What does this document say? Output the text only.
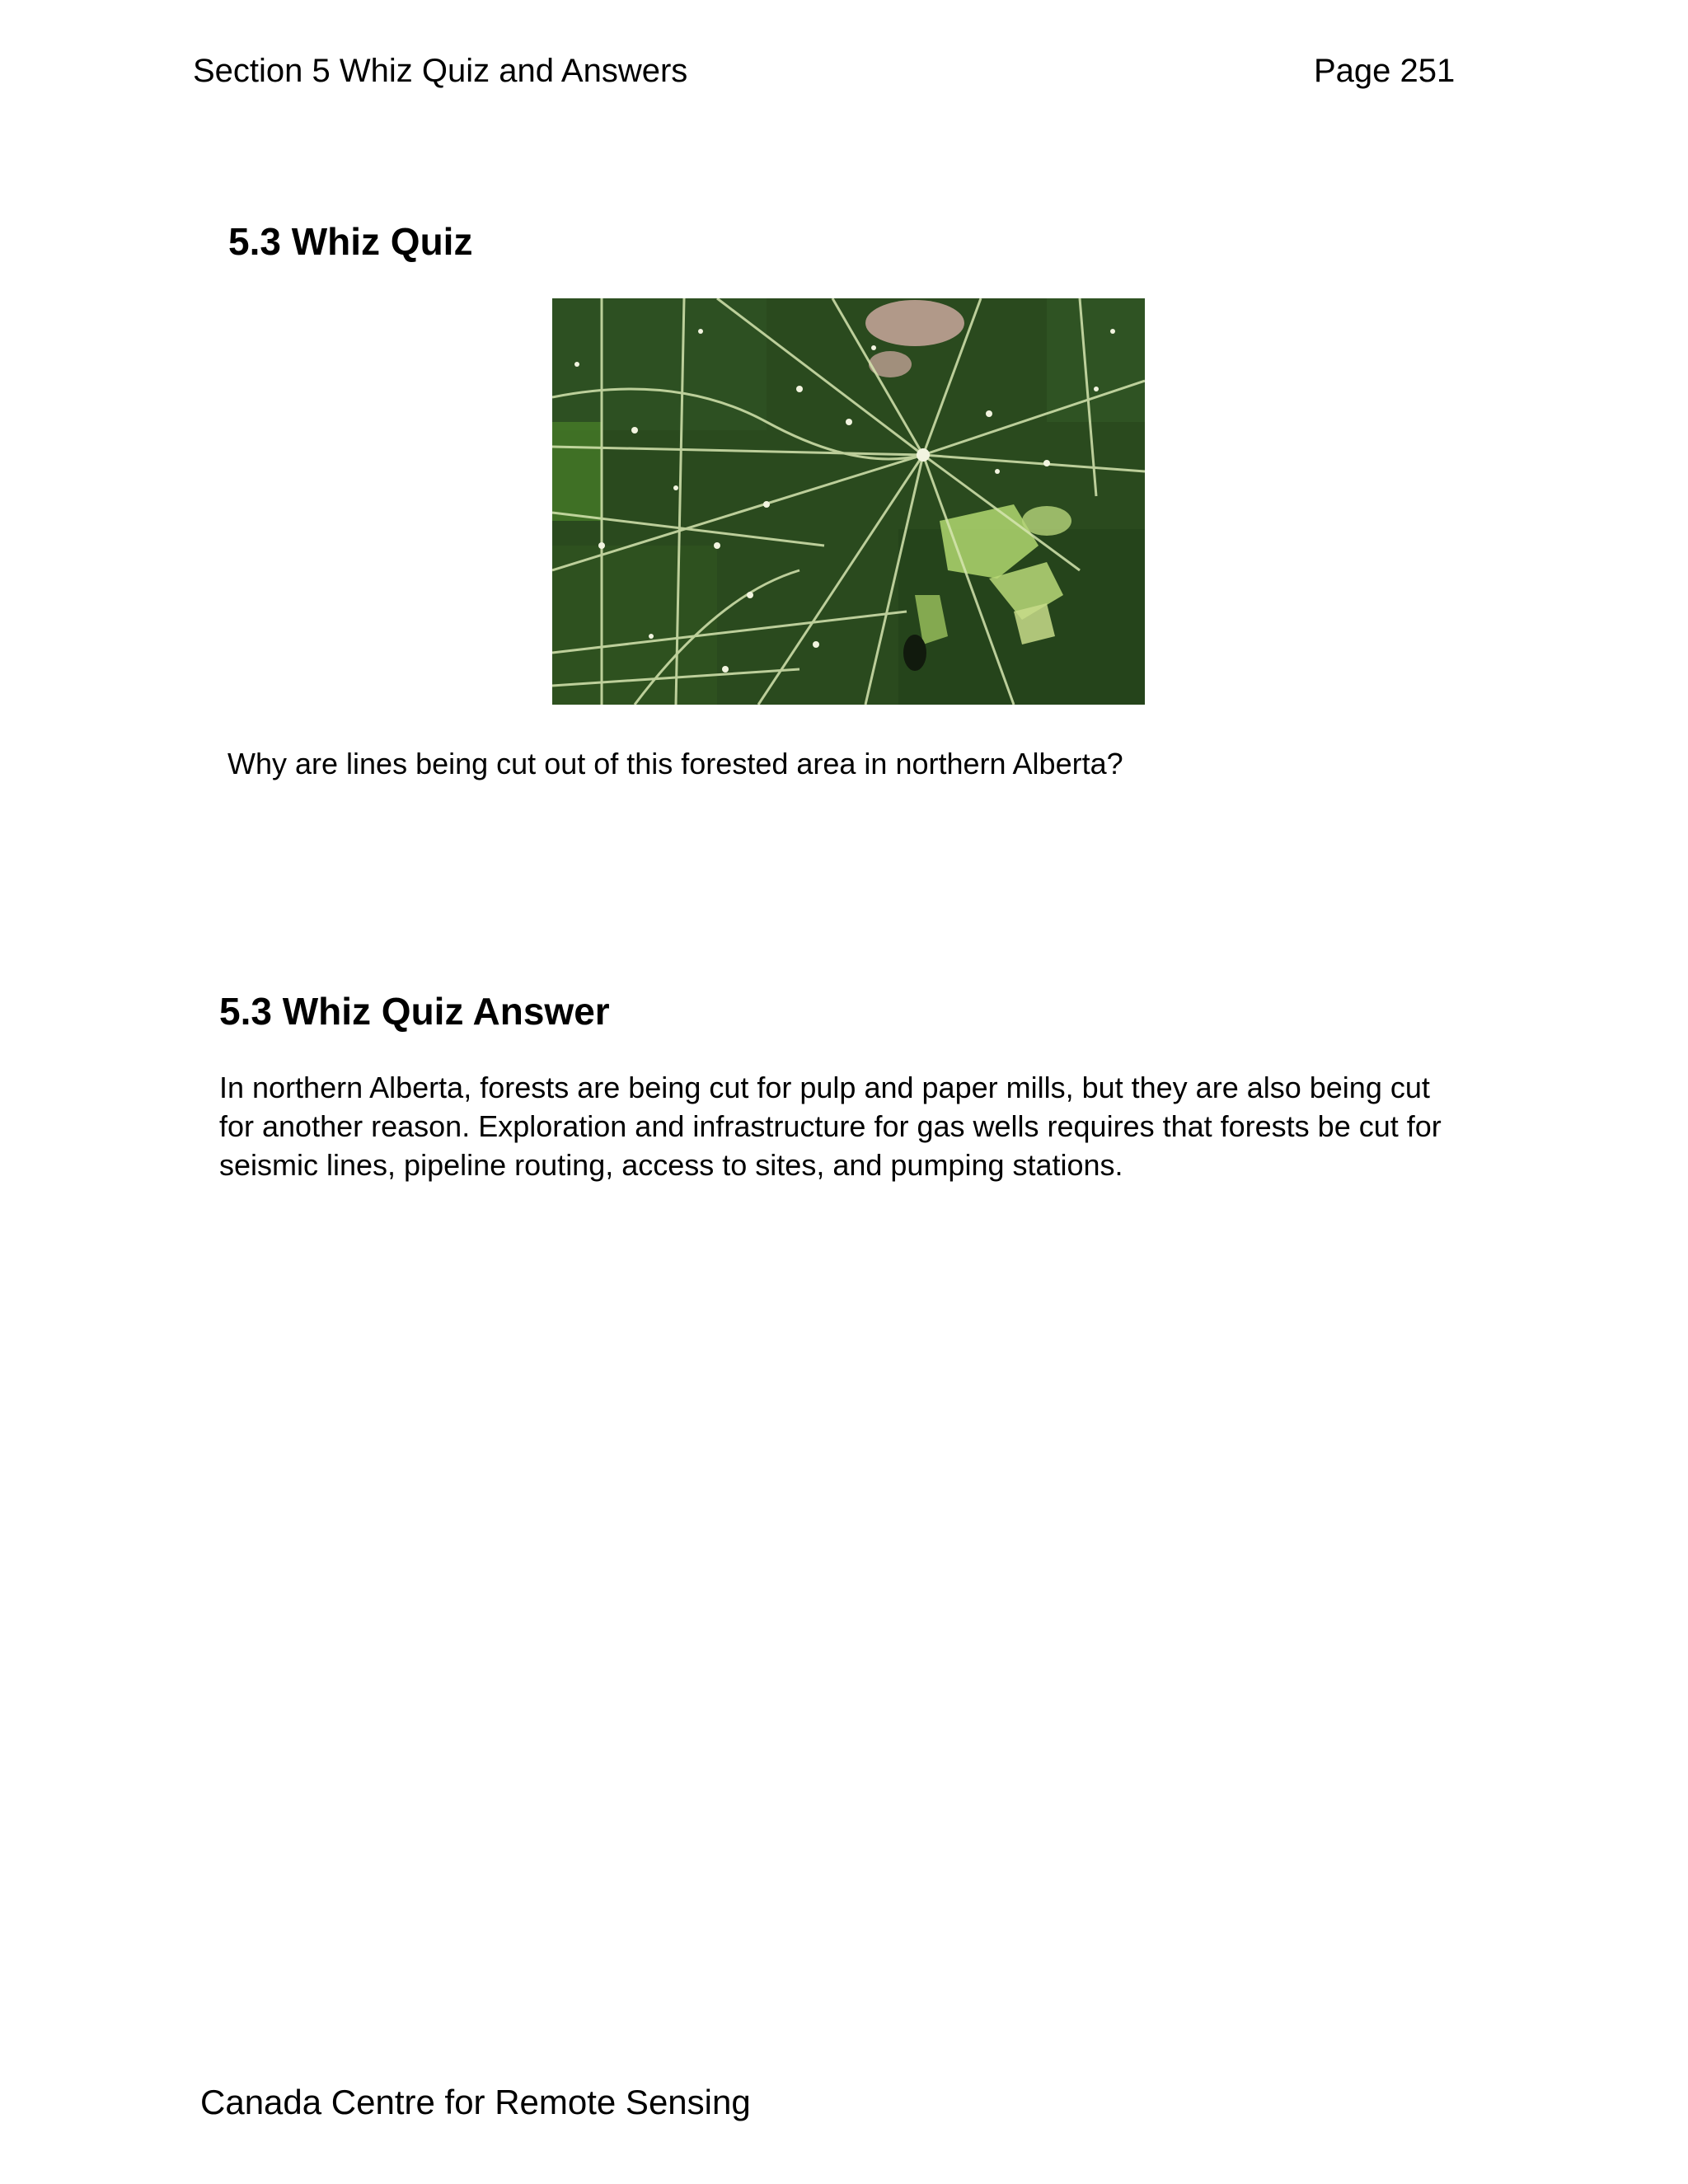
Section 5 Whiz Quiz and Answers	Page 251
5.3 Whiz Quiz
Why are lines being cut out of this forested area in northern Alberta?
5.3 Whiz Quiz Answer
In northern Alberta, forests are being cut for pulp and paper mills, but they are also being cut for another reason. Exploration and infrastructure for gas wells requires that forests be cut for seismic lines, pipeline routing, access to sites, and pumping stations.
Canada Centre for Remote Sensing
